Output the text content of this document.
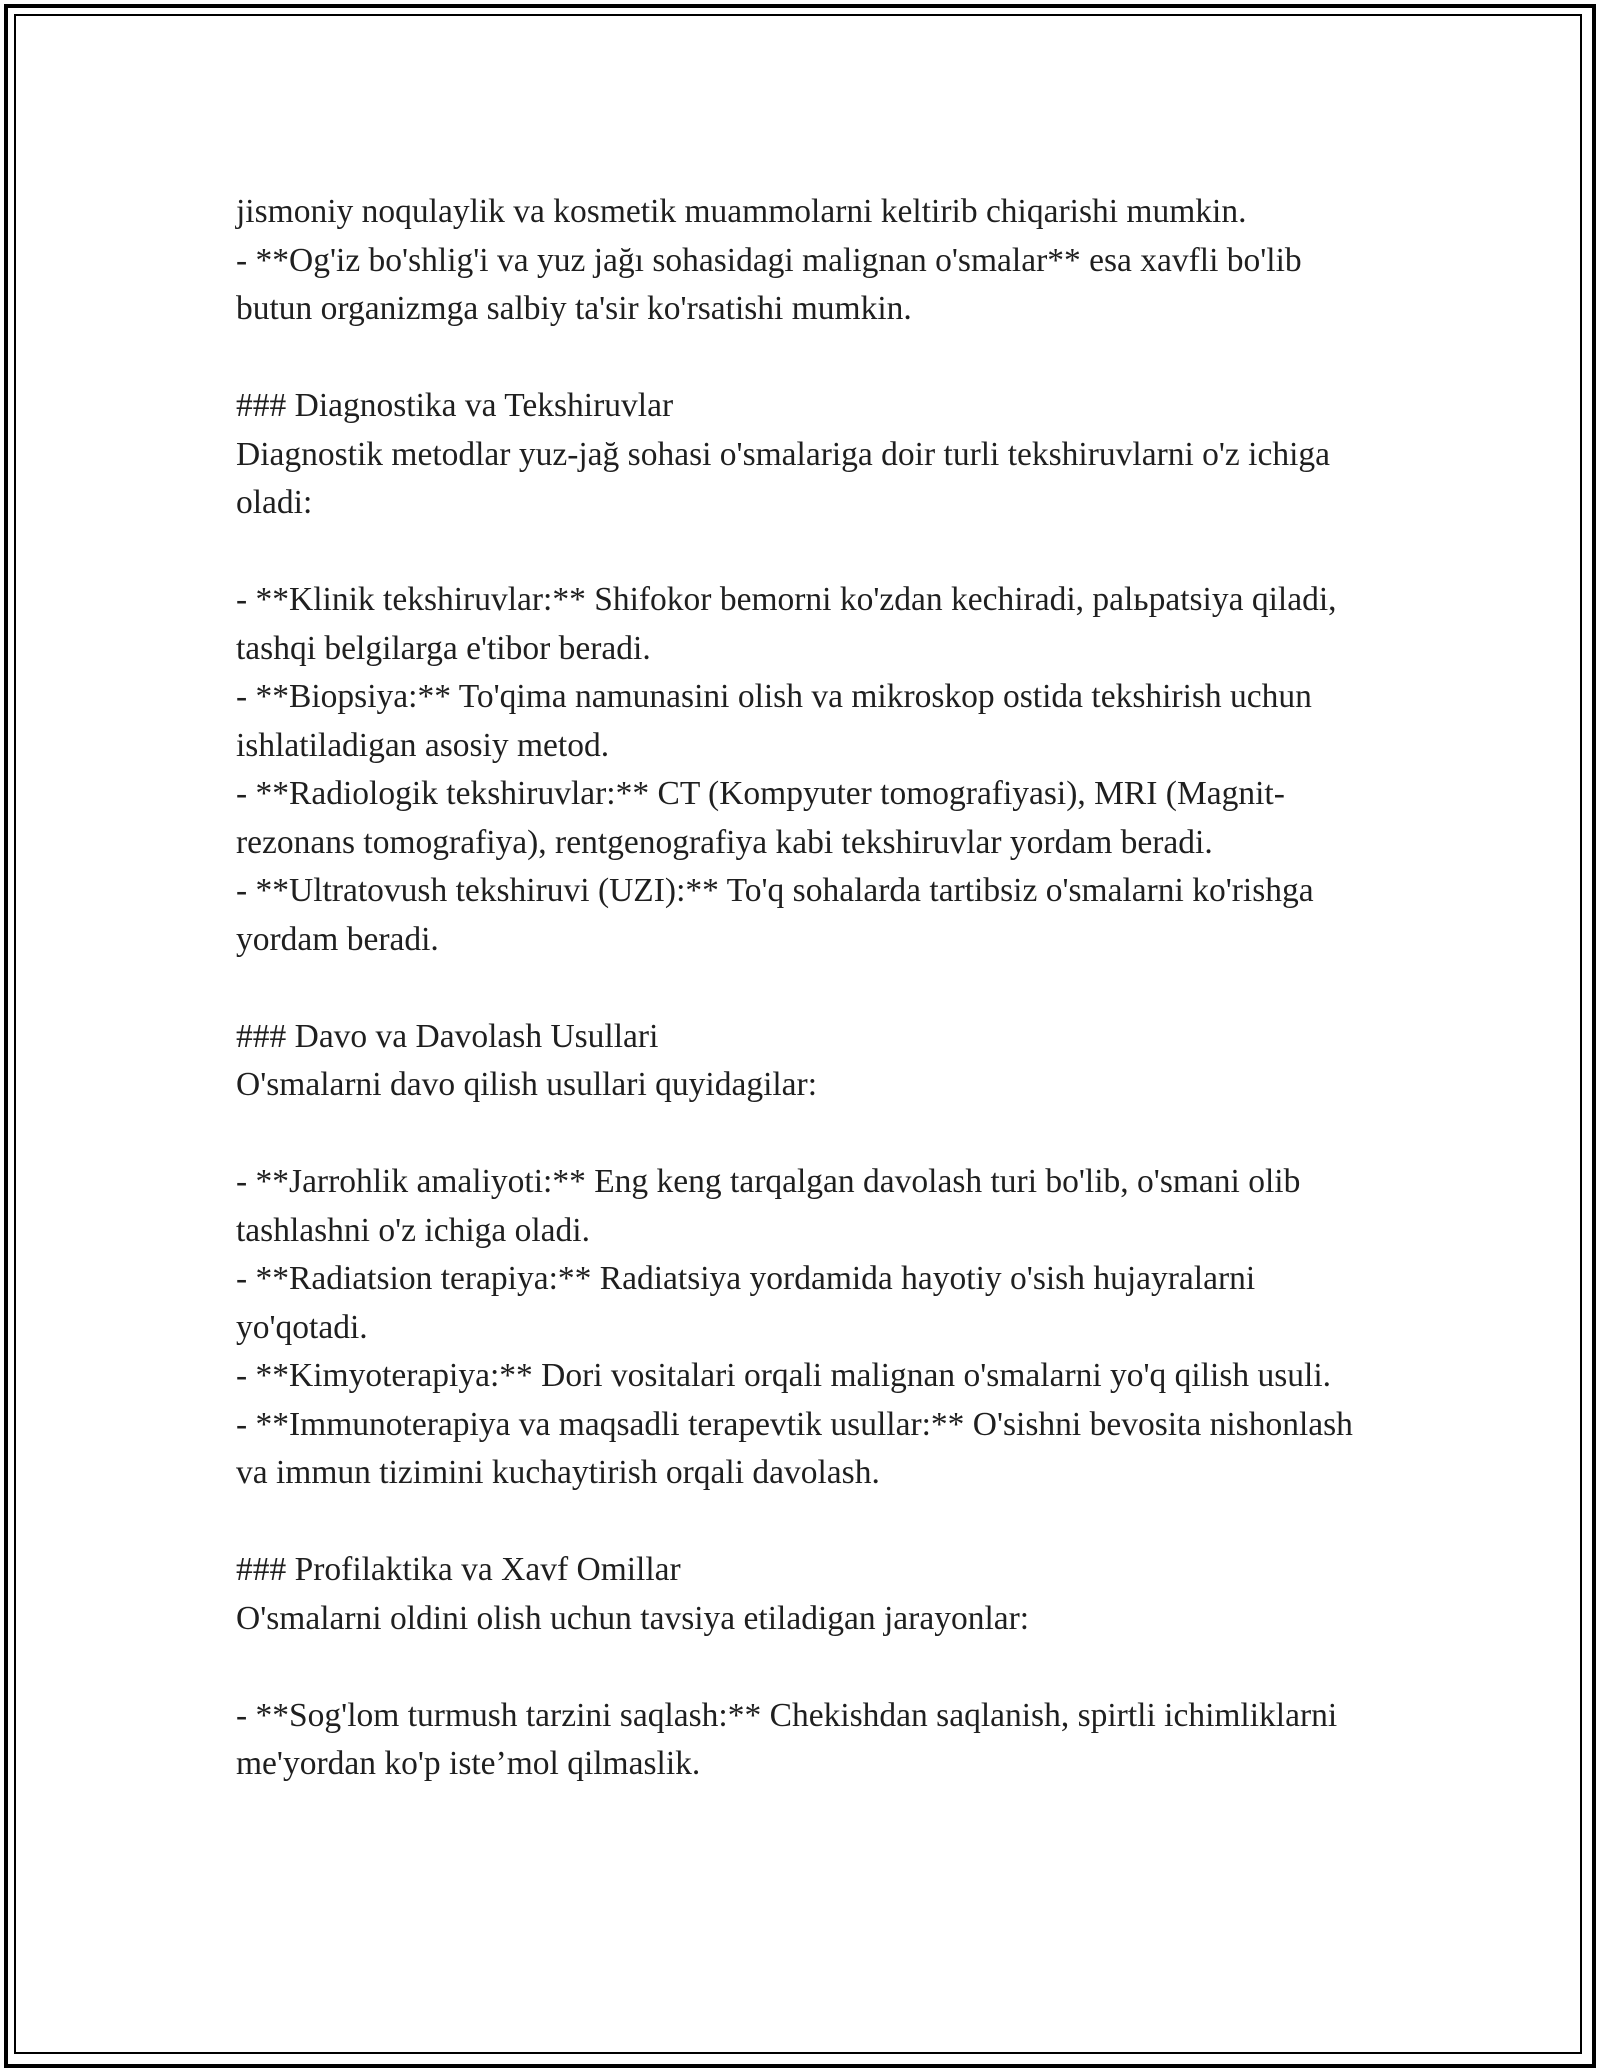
jismoniy noqulaylik va kosmetik muammolarni keltirib chiqarishi mumkin.

- **Og'iz bo'shlig'i va yuz jağı sohasidagi malignan o'smalar** esa xavfli bo'lib butun organizmga salbiy ta'sir ko'rsatishi mumkin.

### Diagnostika va Tekshiruvlar

Diagnostik metodlar yuz-jağ sohasi o'smalariga doir turli tekshiruvlarni o'z ichiga oladi:

- **Klinik tekshiruvlar:** Shifokor bemorni ko'zdan kechiradi, palьpatsiya qiladi, tashqi belgilarga e'tibor beradi.

- **Biopsiya:** To'qima namunasini olish va mikroskop ostida tekshirish uchun ishlatiladigan asosiy metod.

- **Radiologik tekshiruvlar:** CT (Kompyuter tomografiyasi), MRI (Magnit-rezonans tomografiya), rentgenografiya kabi tekshiruvlar yordam beradi.

- **Ultratovush tekshiruvi (UZI):** To'q sohalarda tartibsiz o'smalarni ko'rishga yordam beradi.

### Davo va Davolash Usullari

O'smalarni davo qilish usullari quyidagilar:

- **Jarrohlik amaliyoti:** Eng keng tarqalgan davolash turi bo'lib, o'smani olib tashlashni o'z ichiga oladi.

- **Radiatsion terapiya:** Radiatsiya yordamida hayotiy o'sish hujayralarni yo'qotadi.

- **Kimyoterapiya:** Dori vositalari orqali malignan o'smalarni yo'q qilish usuli.

- **Immunoterapiya va maqsadli terapevtik usullar:** O'sishni bevosita nishonlash va immun tizimini kuchaytirish orqali davolash.

### Profilaktika va Xavf Omillar

O'smalarni oldini olish uchun tavsiya etiladigan jarayonlar:

- **Sog'lom turmush tarzini saqlash:** Chekishdan saqlanish, spirtli ichimliklarni me'yordan ko'p iste’mol qilmaslik.
